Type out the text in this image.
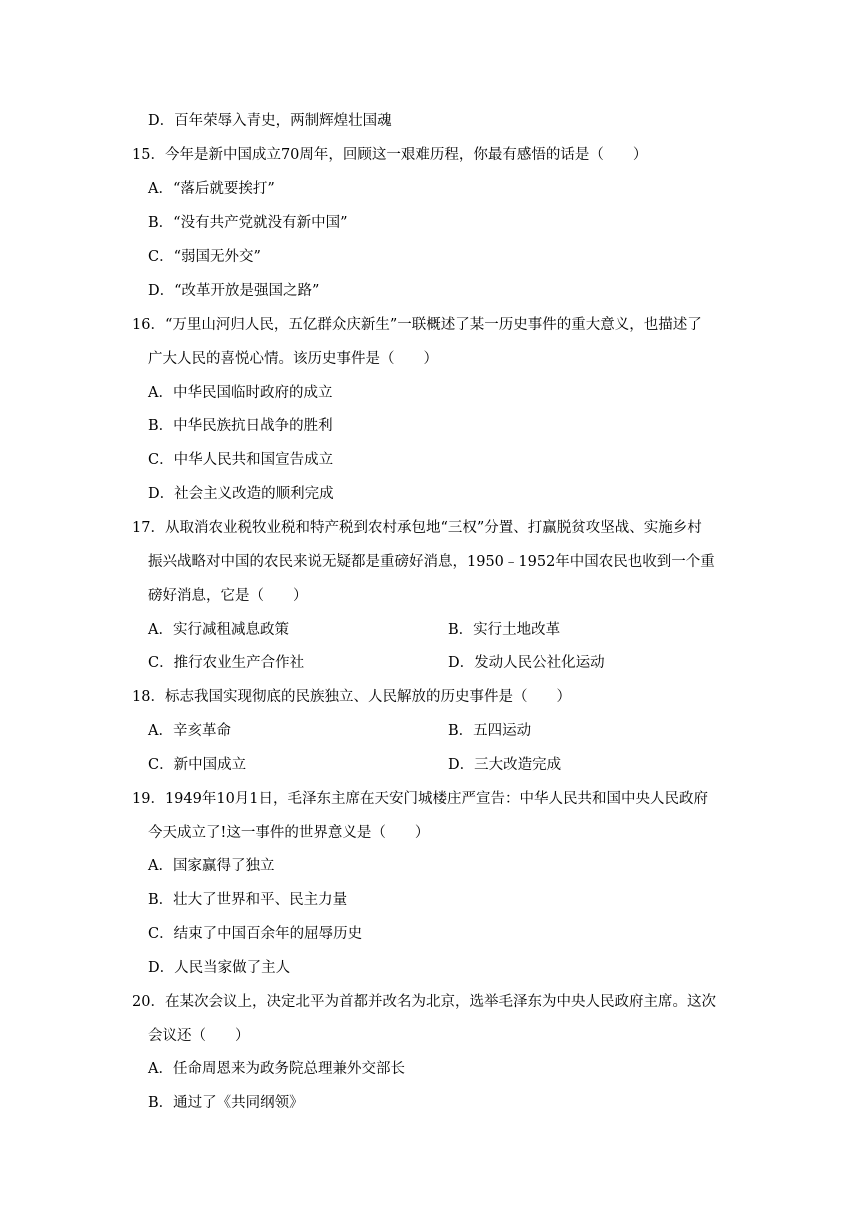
D．百年荣辱入青史，两制辉煌壮国魂
15．今年是新中国成立70周年，回顾这一艰难历程，你最有感悟的话是（　　）
A．“落后就要挨打”
B．“没有共产党就没有新中国”
C．“弱国无外交”
D．“改革开放是强国之路”
16．“万里山河归人民，五亿群众庆新生”一联概述了某一历史事件的重大意义，也描述了
广大人民的喜悦心情。该历史事件是（　　）
A．中华民国临时政府的成立
B．中华民族抗日战争的胜利
C．中华人民共和国宣告成立
D．社会主义改造的顺利完成
17．从取消农业税牧业税和特产税到农村承包地“三权”分置、打赢脱贫攻坚战、实施乡村
振兴战略对中国的农民来说无疑都是重磅好消息，1950﹣1952年中国农民也收到一个重
磅好消息，它是（　　）
A．实行减租减息政策	B．实行土地改革
C．推行农业生产合作社	D．发动人民公社化运动
18．标志我国实现彻底的民族独立、人民解放的历史事件是（　　）
A．辛亥革命	B．五四运动
C．新中国成立	D．三大改造完成
19．1949年10月1日，毛泽东主席在天安门城楼庄严宣告：中华人民共和国中央人民政府
今天成立了!这一事件的世界意义是（　　）
A．国家赢得了独立
B．壮大了世界和平、民主力量
C．结束了中国百余年的屈辱历史
D．人民当家做了主人
20．在某次会议上，决定北平为首都并改名为北京，选举毛泽东为中央人民政府主席。这次
会议还（　　）
A．任命周恩来为政务院总理兼外交部长
B．通过了《共同纲领》
